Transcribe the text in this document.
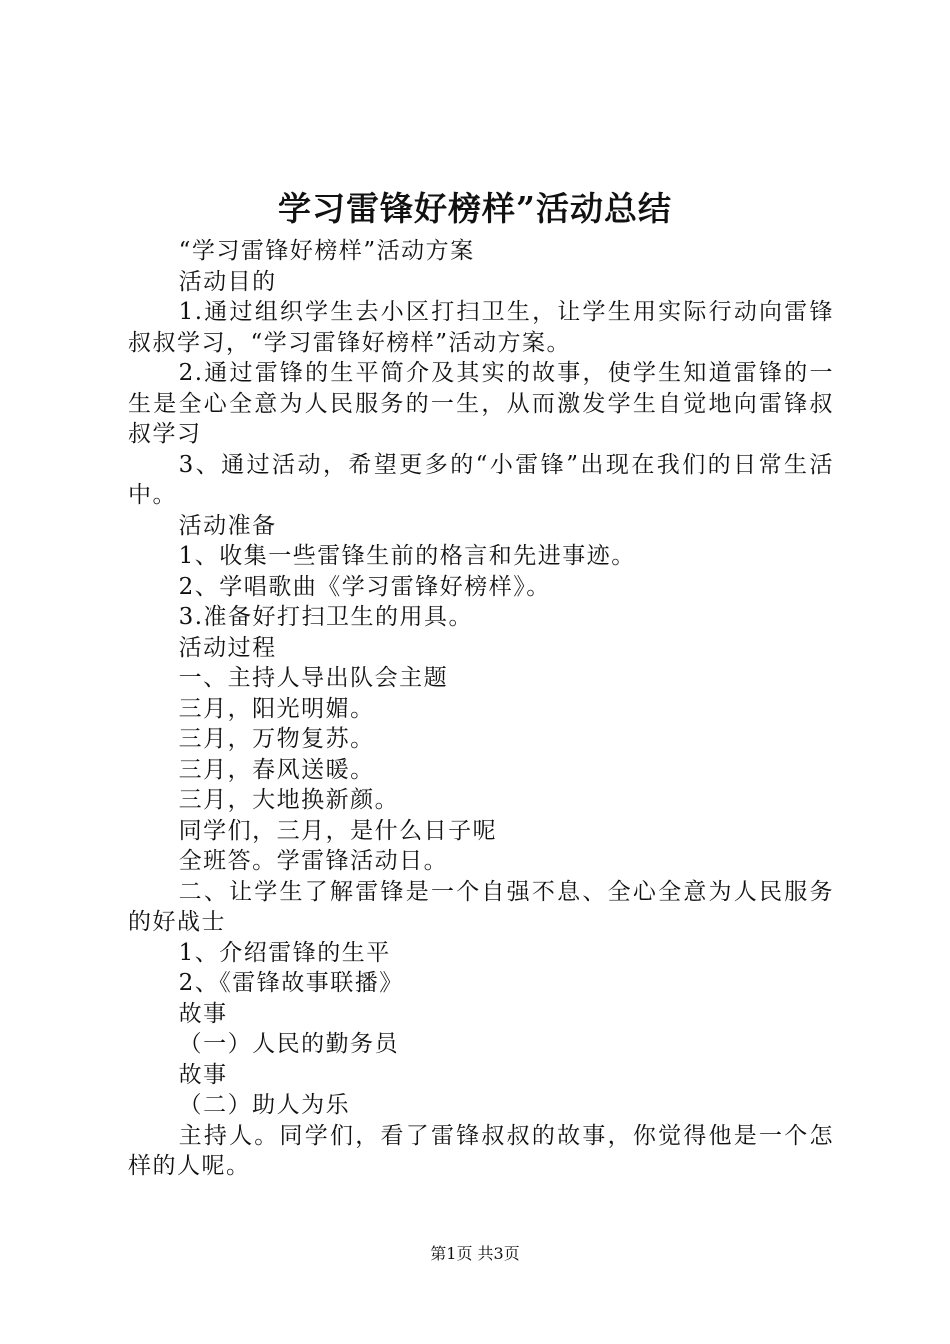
学习雷锋好榜样”活动总结

“学习雷锋好榜样”活动方案

活动目的

1.通过组织学生去小区打扫卫生，让学生用实际行动向雷锋叔叔学习，“学习雷锋好榜样”活动方案。

2.通过雷锋的生平简介及其实的故事，使学生知道雷锋的一生是全心全意为人民服务的一生，从而激发学生自觉地向雷锋叔叔学习

3、通过活动，希望更多的“小雷锋”出现在我们的日常生活中。

活动准备

1、收集一些雷锋生前的格言和先进事迹。

2、学唱歌曲《学习雷锋好榜样》。

3.准备好打扫卫生的用具。

活动过程

一、主持人导出队会主题

三月，阳光明媚。

三月，万物复苏。

三月，春风送暖。

三月，大地换新颜。

同学们，三月，是什么日子呢

全班答。学雷锋活动日。

二、让学生了解雷锋是一个自强不息、全心全意为人民服务的好战士

1、介绍雷锋的生平

2、《雷锋故事联播》

故事

（一）人民的勤务员

故事

（二）助人为乐

主持人。同学们，看了雷锋叔叔的故事，你觉得他是一个怎样的人呢。

第1页 共3页
